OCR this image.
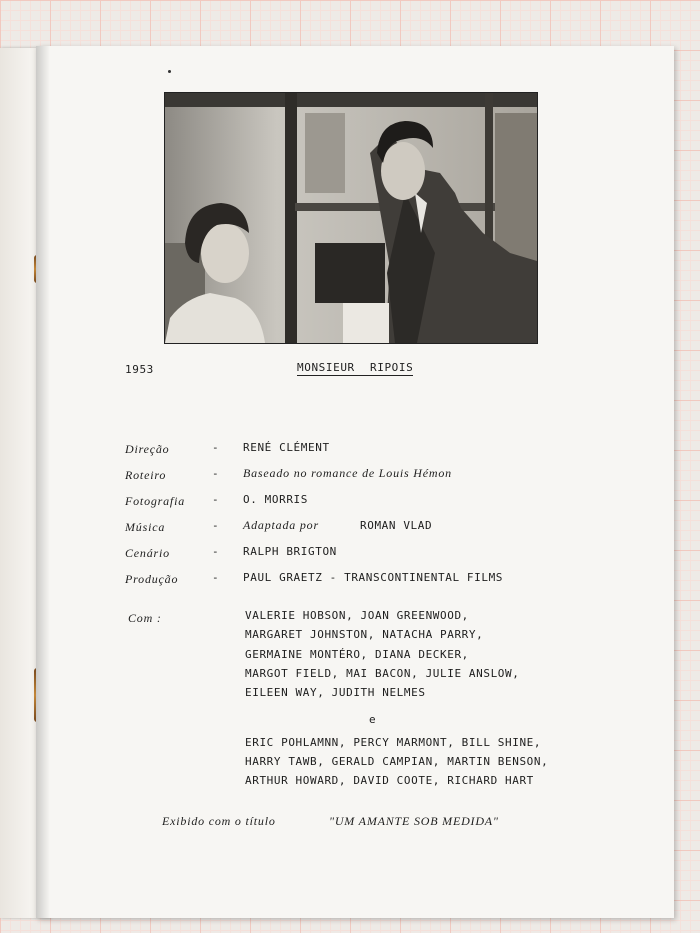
1953	MONSIEUR RIPOIS
Direção	- RENÉ CLÉMENT
Roteiro	- Baseado no romance de Louis Hémon
Fotografia - O. MORRIS
Música	- Adaptada por	ROMAN VLAD
Cenário	- RALPH BRIGTON
Produção	- PAUL GRAETZ - TRANSCONTINENTAL FILMS
Com :	VALERIE HOBSON, JOAN GREENWOOD,
MARGARET JOHNSTON, NATACHA PARRY,
GERMAINE MONTÉRO, DIANA DECKER,
MARGOT FIELD, MAI BACON, JULIE ANSLOW,
EILEEN WAY, JUDITH NELMES
e
ERIC POHLAMNN, PERCY MARMONT, BILL SHINE,
HARRY TAWB, GERALD CAMPIAN, MARTIN BENSON,
ARTHUR HOWARD, DAVID COOTE, RICHARD HART
Exibido com o título	"UM AMANTE SOB MEDIDA"
